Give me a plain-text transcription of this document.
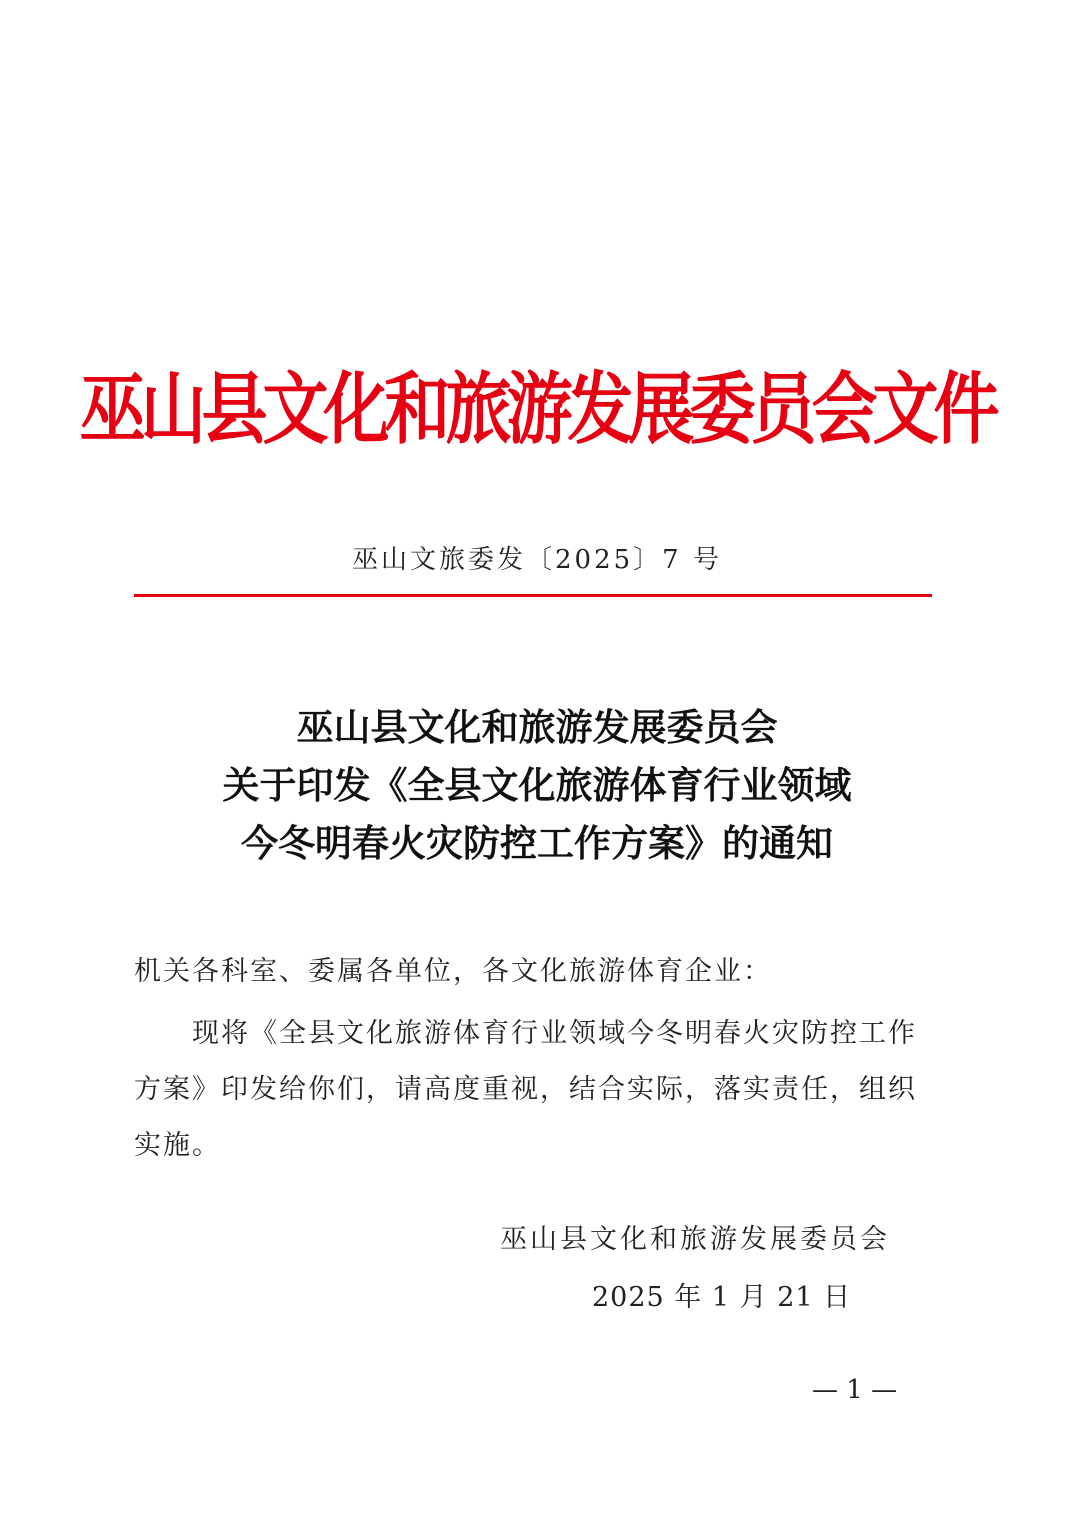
巫山县文化和旅游发展委员会文件
巫山文旅委发〔2025〕7 号
巫山县文化和旅游发展委员会
关于印发《全县文化旅游体育行业领域
今冬明春火灾防控工作方案》的通知
机关各科室、委属各单位，各文化旅游体育企业：
现将《全县文化旅游体育行业领域今冬明春火灾防控工作方案》印发给你们，请高度重视，结合实际，落实责任，组织实施。
巫山县文化和旅游发展委员会
2025 年 1 月 21 日
— 1 —
